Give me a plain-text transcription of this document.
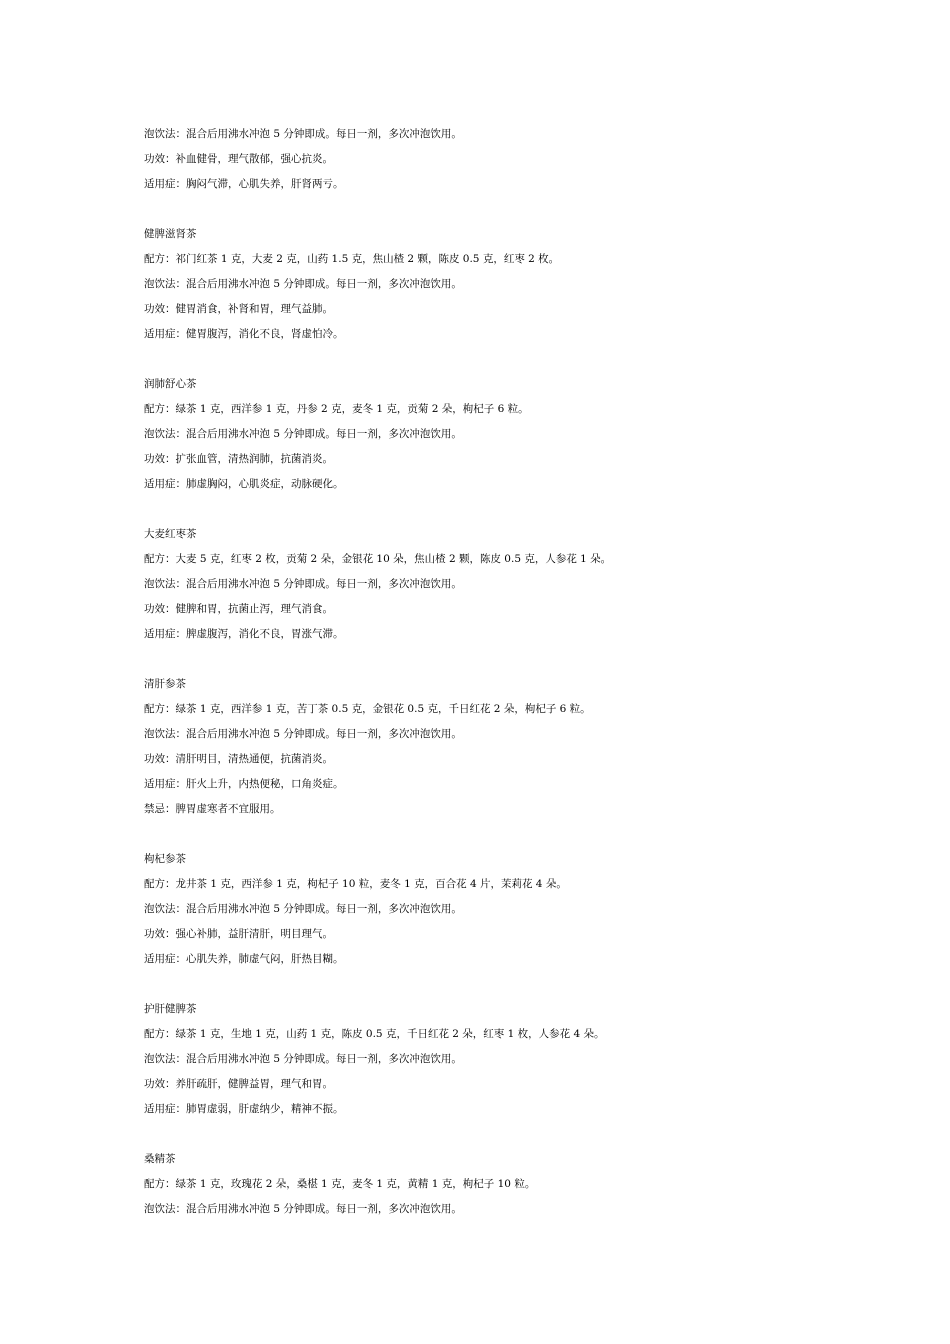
泡饮法：混合后用沸水冲泡 5 分钟即成。每日一剂，多次冲泡饮用。
功效：补血健骨，理气散郁，强心抗炎。
适用症：胸闷气滞，心肌失养，肝肾两亏。
健脾滋肾茶
配方：祁门红茶 1 克，大麦 2 克，山药 1.5 克，焦山楂 2 颗，陈皮 0.5 克，红枣 2 枚。
泡饮法：混合后用沸水冲泡 5 分钟即成。每日一剂，多次冲泡饮用。
功效：健胃消食，补肾和胃，理气益肺。
适用症：健胃腹泻，消化不良，肾虚怕冷。
润肺舒心茶
配方：绿茶 1 克，西洋参 1 克，丹参 2 克，麦冬 1 克，贡菊 2 朵，枸杞子 6 粒。
泡饮法：混合后用沸水冲泡 5 分钟即成。每日一剂，多次冲泡饮用。
功效：扩张血管，清热润肺，抗菌消炎。
适用症：肺虚胸闷，心肌炎症，动脉硬化。
大麦红枣茶
配方：大麦 5 克，红枣 2 枚，贡菊 2 朵，金银花 10 朵，焦山楂 2 颗，陈皮 0.5 克，人参花 1 朵。
泡饮法：混合后用沸水冲泡 5 分钟即成。每日一剂，多次冲泡饮用。
功效：健脾和胃，抗菌止泻，理气消食。
适用症：脾虚腹泻，消化不良，胃涨气滞。
清肝参茶
配方：绿茶 1 克，西洋参 1 克，苦丁茶 0.5 克，金银花 0.5 克，千日红花 2 朵，枸杞子 6 粒。
泡饮法：混合后用沸水冲泡 5 分钟即成。每日一剂，多次冲泡饮用。
功效：清肝明目，清热通便，抗菌消炎。
适用症：肝火上升，内热便秘，口角炎症。
禁忌：脾胃虚寒者不宜服用。
枸杞参茶
配方：龙井茶 1 克，西洋参 1 克，枸杞子 10 粒，麦冬 1 克，百合花 4 片，茉莉花 4 朵。
泡饮法：混合后用沸水冲泡 5 分钟即成。每日一剂，多次冲泡饮用。
功效：强心补肺，益肝清肝，明目理气。
适用症：心肌失养，肺虚气闷，肝热目糊。
护肝健脾茶
配方：绿茶 1 克，生地 1 克，山药 1 克，陈皮 0.5 克，千日红花 2 朵，红枣 1 枚，人参花 4 朵。
泡饮法：混合后用沸水冲泡 5 分钟即成。每日一剂，多次冲泡饮用。
功效：养肝疏肝，健脾益胃，理气和胃。
适用症：肺胃虚弱，肝虚纳少，精神不振。
桑精茶
配方：绿茶 1 克，玫瑰花 2 朵，桑椹 1 克，麦冬 1 克，黄精 1 克，枸杞子 10 粒。
泡饮法：混合后用沸水冲泡 5 分钟即成。每日一剂，多次冲泡饮用。
